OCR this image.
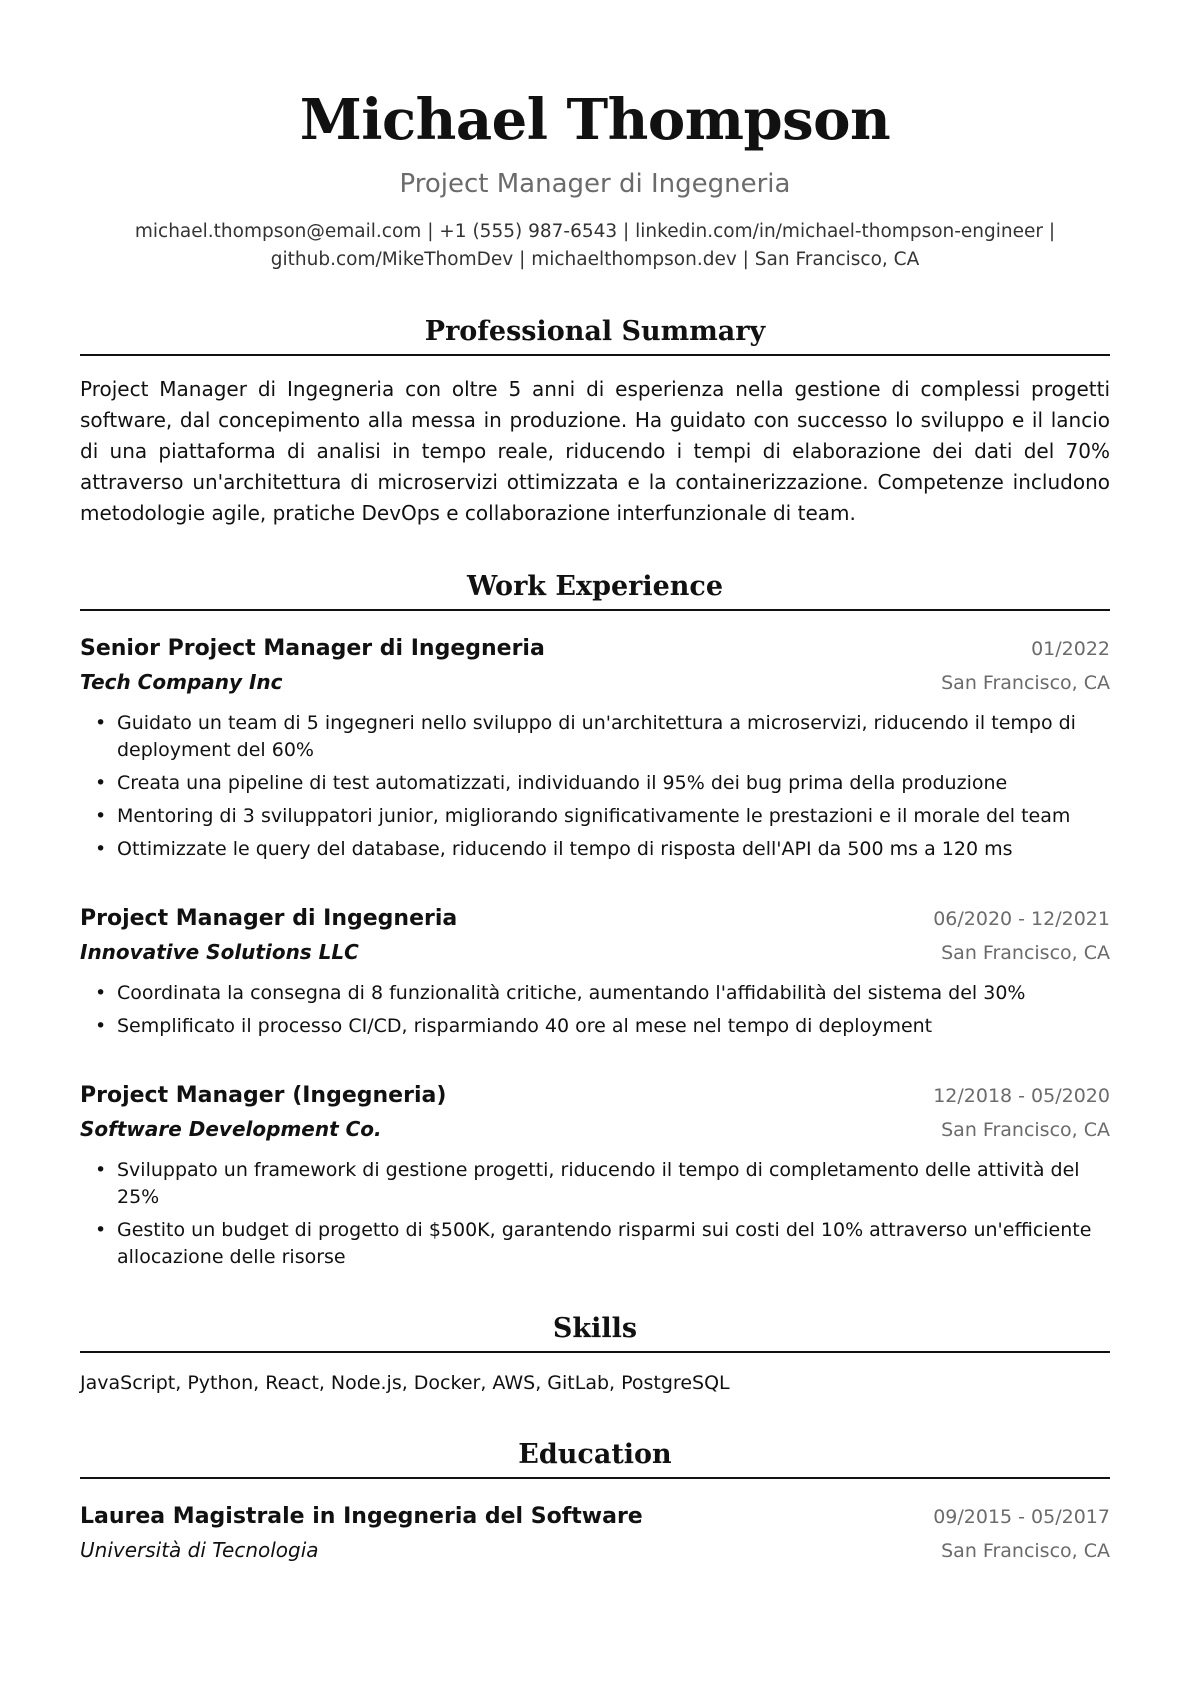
Michael Thompson
Project Manager di Ingegneria
michael.thompson@email.com | +1 (555) 987-6543 | linkedin.com/in/michael-thompson-engineer |
github.com/MikeThomDev | michaelthompson.dev | San Francisco, CA
Professional Summary
Project Manager di Ingegneria con oltre 5 anni di esperienza nella gestione di complessi progetti software, dal concepimento alla messa in produzione. Ha guidato con successo lo sviluppo e il lancio di una piattaforma di analisi in tempo reale, riducendo i tempi di elaborazione dei dati del 70% attraverso un'architettura di microservizi ottimizzata e la containerizzazione. Competenze includono metodologie agile, pratiche DevOps e collaborazione interfunzionale di team.
Work Experience
Senior Project Manager di Ingegneria	01/2022
Tech Company Inc	San Francisco, CA
• Guidato un team di 5 ingegneri nello sviluppo di un'architettura a microservizi, riducendo il tempo di deployment del 60%
• Creata una pipeline di test automatizzati, individuando il 95% dei bug prima della produzione
• Mentoring di 3 sviluppatori junior, migliorando significativamente le prestazioni e il morale del team
• Ottimizzate le query del database, riducendo il tempo di risposta dell'API da 500 ms a 120 ms
Project Manager di Ingegneria	06/2020 - 12/2021
Innovative Solutions LLC	San Francisco, CA
• Coordinata la consegna di 8 funzionalità critiche, aumentando l'affidabilità del sistema del 30%
• Semplificato il processo CI/CD, risparmiando 40 ore al mese nel tempo di deployment
Project Manager (Ingegneria)	12/2018 - 05/2020
Software Development Co.	San Francisco, CA
• Sviluppato un framework di gestione progetti, riducendo il tempo di completamento delle attività del 25%
• Gestito un budget di progetto di $500K, garantendo risparmi sui costi del 10% attraverso un'efficiente allocazione delle risorse
Skills
JavaScript, Python, React, Node.js, Docker, AWS, GitLab, PostgreSQL
Education
Laurea Magistrale in Ingegneria del Software	09/2015 - 05/2017
Università di Tecnologia	San Francisco, CA
